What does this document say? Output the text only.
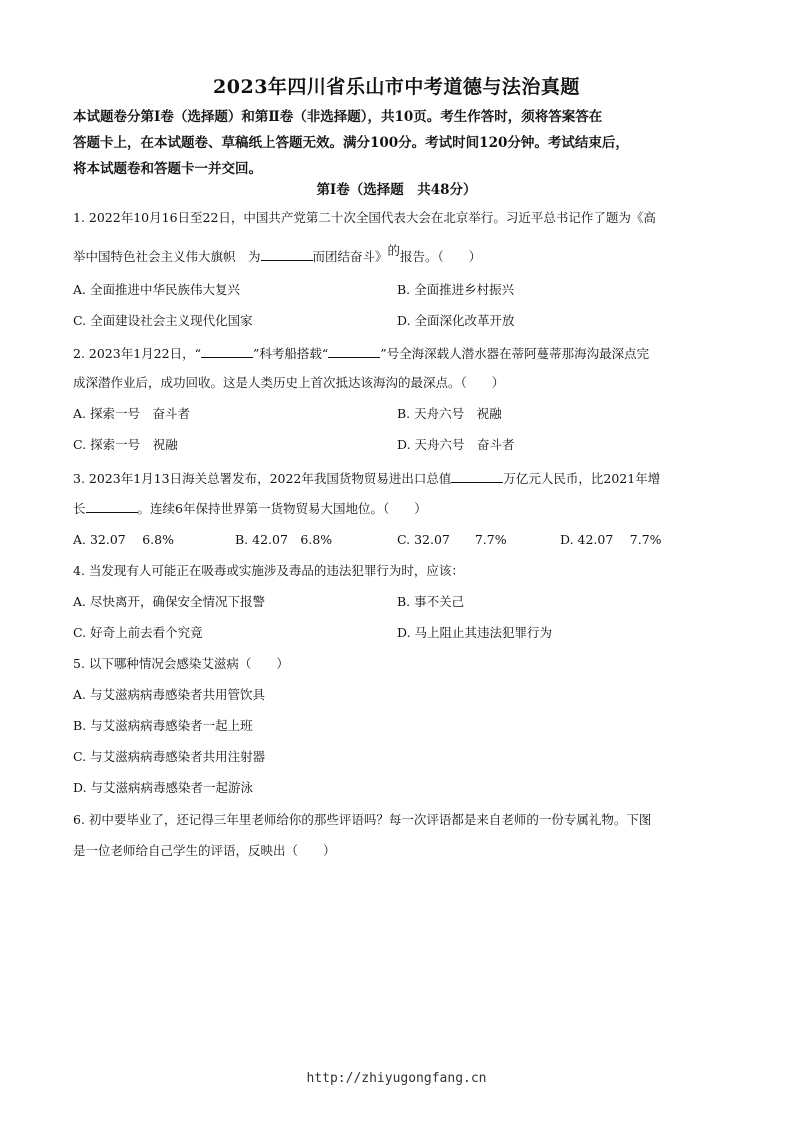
2023年四川省乐山市中考道德与法治真题
本试题卷分第Ⅰ卷（选择题）和第Ⅱ卷（非选择题），共10页。考生作答时，须将答案答在
答题卡上，在本试题卷、草稿纸上答题无效。满分100分。考试时间120分钟。考试结束后，
将本试题卷和答题卡一并交回。
第Ⅰ卷（选择题　共48分）
1. 2022年10月16日至22日，中国共产党第二十次全国代表大会在北京举行。习近平总书记作了题为《高
举中国特色社会主义伟大旗帜　为	而团结奋斗》的报告。（　　）
A. 全面推进中华民族伟大复兴	B. 全面推进乡村振兴
C. 全面建设社会主义现代化国家	D. 全面深化改革开放
2. 2023年1月22日，“	”科考船搭载“	”号全海深载人潜水器在蒂阿蔓蒂那海沟最深点完
成深潜作业后，成功回收。这是人类历史上首次抵达该海沟的最深点。（　　）
A. 探索一号　奋斗者	B. 天舟六号　祝融
C. 探索一号　祝融	D. 天舟六号　奋斗者
3. 2023年1月13日海关总署发布，2022年我国货物贸易进出口总值	万亿元人民币，比2021年增
长	。连续6年保持世界第一货物贸易大国地位。（　　）
A. 32.07　 6.8%	B. 42.07　6.8%	C. 32.07　　7.7%	D. 42.07　 7.7%
4. 当发现有人可能正在吸毒或实施涉及毒品的违法犯罪行为时，应该：
A. 尽快离开，确保安全情况下报警	B. 事不关己
C. 好奇上前去看个究竟	D. 马上阻止其违法犯罪行为
5. 以下哪种情况会感染艾滋病（　　）
A. 与艾滋病病毒感染者共用管饮具
B. 与艾滋病病毒感染者一起上班
C. 与艾滋病病毒感染者共用注射器
D. 与艾滋病病毒感染者一起游泳
6. 初中要毕业了，还记得三年里老师给你的那些评语吗？每一次评语都是来自老师的一份专属礼物。下图
是一位老师给自己学生的评语，反映出（　　）
http://zhiyugongfang.cn
